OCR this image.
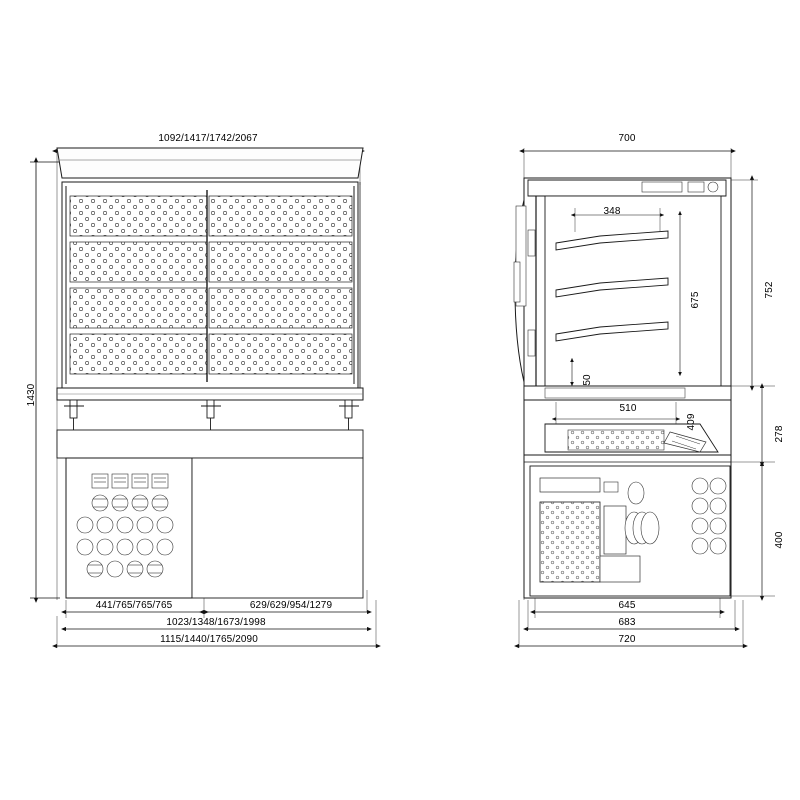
1092/1417/1742/2067
1430
441/765/765/765	629/629/954/1279
1023/1348/1673/1998
1115/1440/1765/2090
700
348
752
675
50
510
409
278
400
645
683
720
